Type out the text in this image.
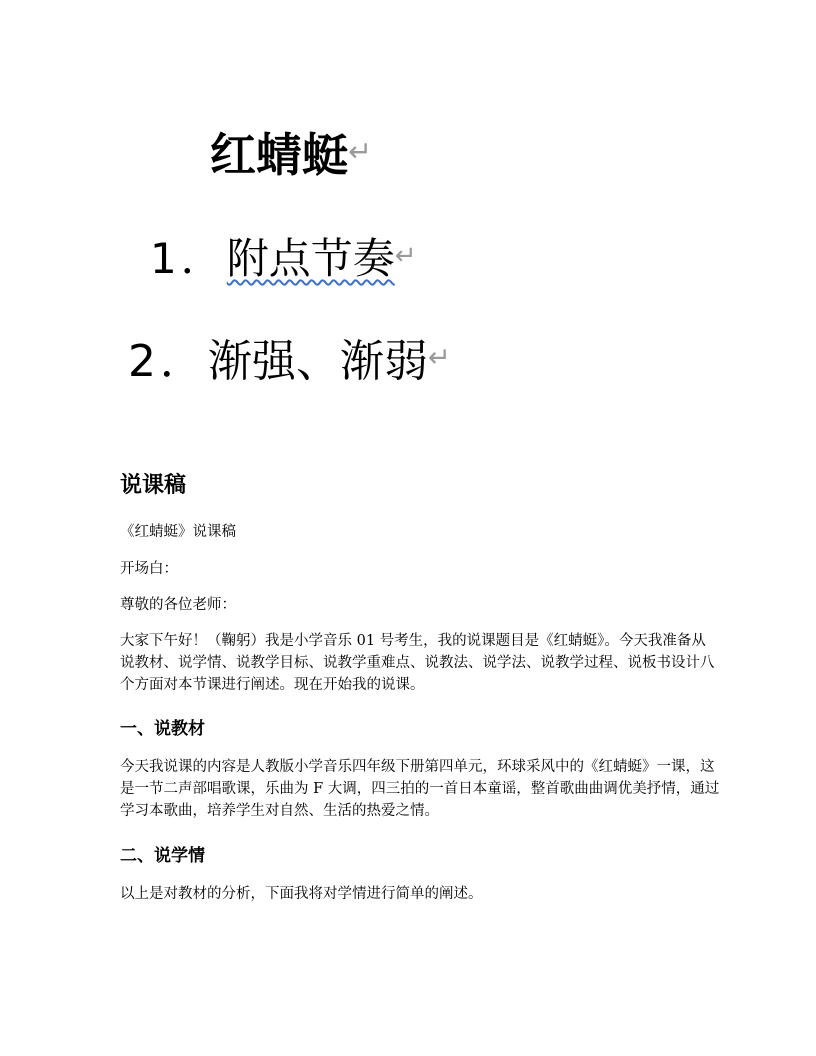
红蜻蜓↵
1．附点节奏↵
2．渐强、渐弱↵
说课稿
《红蜻蜓》说课稿
开场白：
尊敬的各位老师：
大家下午好！（鞠躬）我是小学音乐 01 号考生，我的说课题目是《红蜻蜓》。今天我准备从说教材、说学情、说教学目标、说教学重难点、说教法、说学法、说教学过程、说板书设计八个方面对本节课进行阐述。现在开始我的说课。
一、说教材
今天我说课的内容是人教版小学音乐四年级下册第四单元，环球采风中的《红蜻蜓》一课，这是一节二声部唱歌课，乐曲为 F 大调，四三拍的一首日本童谣，整首歌曲曲调优美抒情，通过学习本歌曲，培养学生对自然、生活的热爱之情。
二、说学情
以上是对教材的分析，下面我将对学情进行简单的阐述。
